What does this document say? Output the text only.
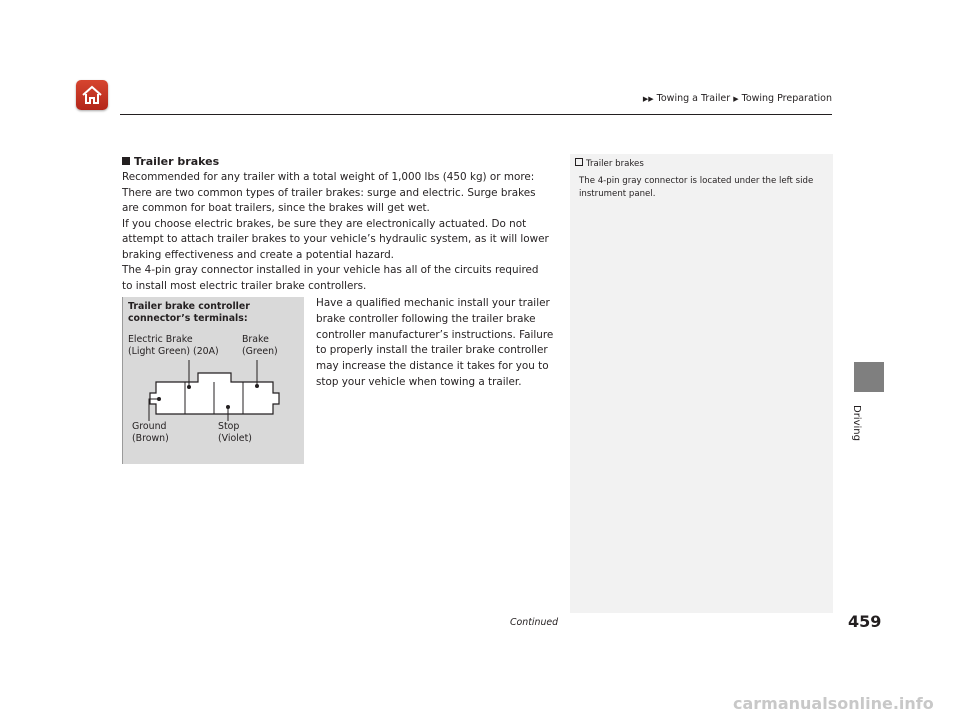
▶▶ Towing a Trailer ▶ Towing Preparation

Trailer brakes

Recommended for any trailer with a total weight of 1,000 lbs (450 kg) or more: There are two common types of trailer brakes: surge and electric. Surge brakes are common for boat trailers, since the brakes will get wet.

If you choose electric brakes, be sure they are electronically actuated. Do not attempt to attach trailer brakes to your vehicle’s hydraulic system, as it will lower braking effectiveness and create a potential hazard.

The 4-pin gray connector installed in your vehicle has all of the circuits required to install most electric trailer brake controllers.

Trailer brake controller connector’s terminals:
Electric Brake
(Light Green) (20A)
Brake
(Green)
Ground
(Brown)
Stop
(Violet)
Have a qualified mechanic install your trailer brake controller following the trailer brake controller manufacturer’s instructions. Failure to properly install the trailer brake controller may increase the distance it takes for you to stop your vehicle when towing a trailer.
Trailer brakes
The 4-pin gray connector is located under the left side instrument panel.
Driving
Continued	459
carmanualsonline.info
